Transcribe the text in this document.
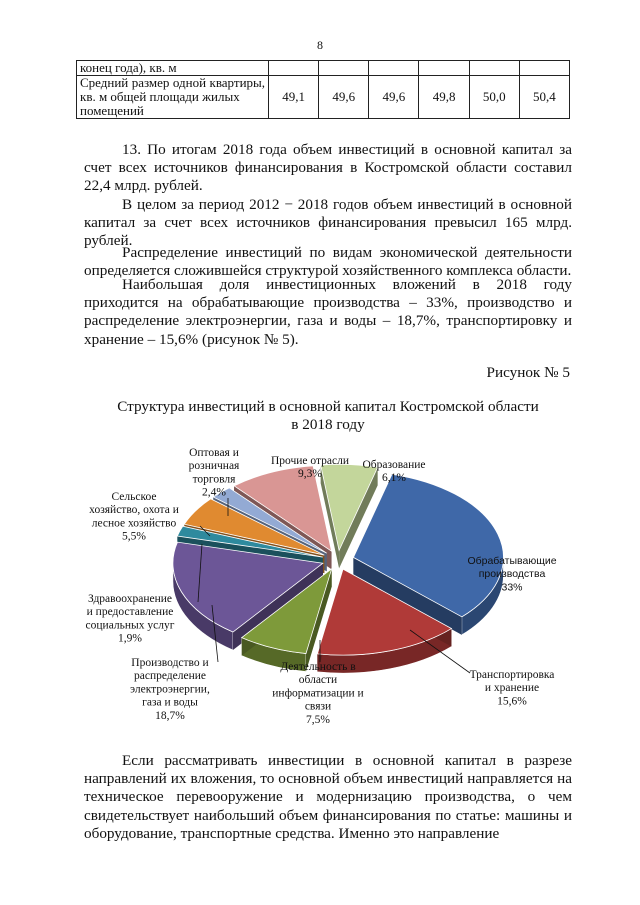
8
конец года), кв. м						

Средний размер одной квартиры,
кв. м общей площади жилых
помещений	49,1	49,6	49,6	49,8	50,0	50,4

13. По итогам 2018 года объем инвестиций в основной капитал за счет всех источников финансирования в Костромской области составил 22,4 млрд. рублей.

В целом за период 2012 − 2018 годов объем инвестиций в основной капитал за счет всех источников финансирования превысил 165 млрд. рублей.

Распределение инвестиций по видам экономической деятельности определяется сложившейся структурой хозяйственного комплекса области.

Наибольшая доля инвестиционных вложений в 2018 году приходится на обрабатывающие производства – 33%, производство и распределение электроэнергии, газа и воды – 18,7%, транспортировку и хранение – 15,6% (рисунок № 5).

Рисунок № 5
Структура инвестиций в основной капитал Костромской области
в 2018 году
Обрабатывающие производства 33%
Транспортировка и хранение 15,6%
Деятельность в области информатизации и связи 7,5%
Производство и распределение электроэнергии, газа и воды 18,7%
Здравоохранение и предоставление социальных услуг 1,9%
Сельское хозяйство, охота и лесное хозяйство 5,5%
Оптовая и розничная торговля 2,4%
Прочие отрасли 9,3%
Образование 6,1%

Если рассматривать инвестиции в основной капитал в разрезе направлений их вложения, то основной объем инвестиций направляется на техническое перевооружение и модернизацию производства, о чем свидетельствует наибольший объем финансирования по статье: машины и оборудование, транспортные средства. Именно это направление
